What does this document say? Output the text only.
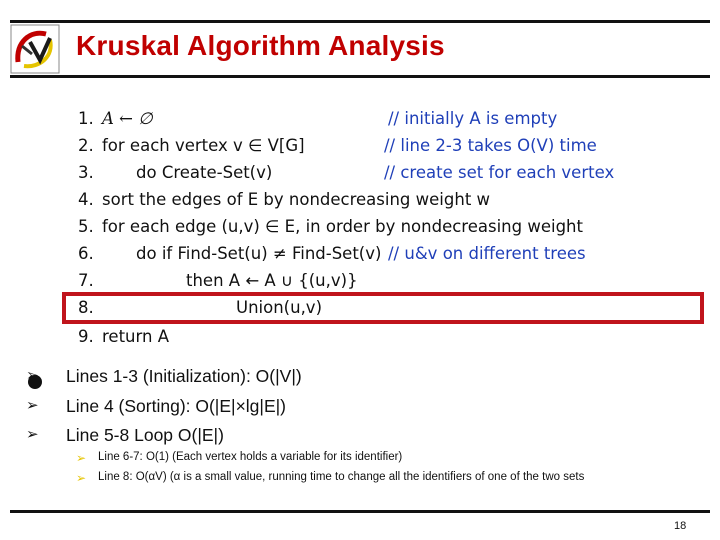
Kruskal Algorithm Analysis
1. A ← ∅	// initially A is empty
2. for each vertex v ∈ V[G]	// line 2-3 takes O(V) time
3.	do Create-Set(v)	// create set for each vertex
4. sort the edges of E by nondecreasing weight w
5. for each edge (u,v) ∈ E, in order by nondecreasing weight
6.	do if Find-Set(u) ≠ Find-Set(v) // u&v on different trees
7.	then A ← A ∪ {(u,v)}
8.	Union(u,v)
9. return A
➢ Lines 1-3 (Initialization): O(|V|)
➢ Line 4 (Sorting): O(|E|×lg|E|)
➢ Line 5-8 Loop O(|E|)
➢ Line 6-7: O(1) (Each vertex holds a variable for its identifier)
➢ Line 8: O(αV) (α is a small value, running time to change all the identifiers of one of the two sets
18
